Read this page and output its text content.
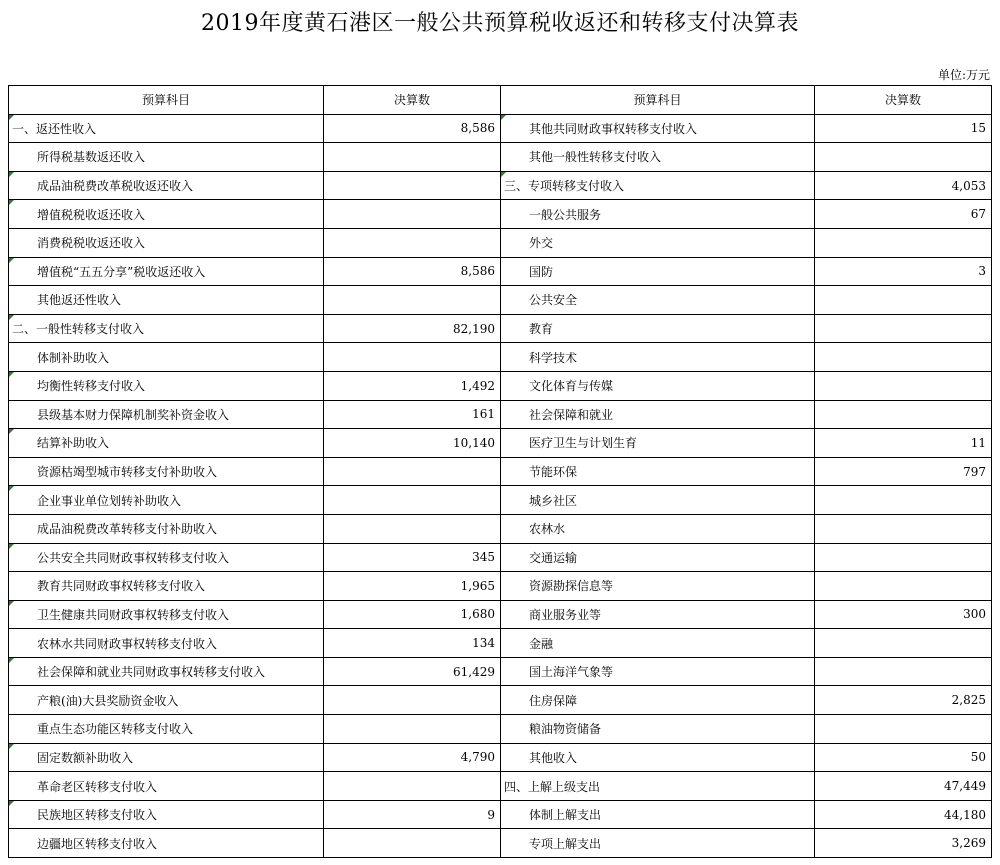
2019年度黄石港区一般公共预算税收返还和转移支付决算表
单位:万元
预算科目	决算数	预算科目	决算数

一、返还性收入	8,586	其他共同财政事权转移支付收入	15
所得税基数返还收入		其他一般性转移支付收入	

成品油税费改革税收返还收入		三、专项转移支付收入	4,053

增值税税收返还收入		一般公共服务	67
消费税税收返还收入		外交	

增值税“五五分享”税收返还收入	8,586	国防	3
其他返还性收入		公共安全	

二、一般性转移支付收入	82,190	教育	
体制补助收入		科学技术	

均衡性转移支付收入	1,492	文化体育与传媒	
县级基本财力保障机制奖补资金收入	161	社会保障和就业	

结算补助收入	10,140	医疗卫生与计划生育	11
资源枯竭型城市转移支付补助收入		节能环保	797

企业事业单位划转补助收入		城乡社区	
成品油税费改革转移支付补助收入		农林水	

公共安全共同财政事权转移支付收入	345	交通运输	
教育共同财政事权转移支付收入	1,965	资源勘探信息等	

卫生健康共同财政事权转移支付收入	1,680	商业服务业等	300
农林水共同财政事权转移支付收入	134	金融	

社会保障和就业共同财政事权转移支付收入	61,429	国土海洋气象等	
产粮(油)大县奖励资金收入		住房保障	2,825
重点生态功能区转移支付收入		粮油物资储备	

固定数额补助收入	4,790	其他收入	50
革命老区转移支付收入		四、上解上级支出	47,449

民族地区转移支付收入	9	体制上解支出	44,180
边疆地区转移支付收入		专项上解支出	3,269
